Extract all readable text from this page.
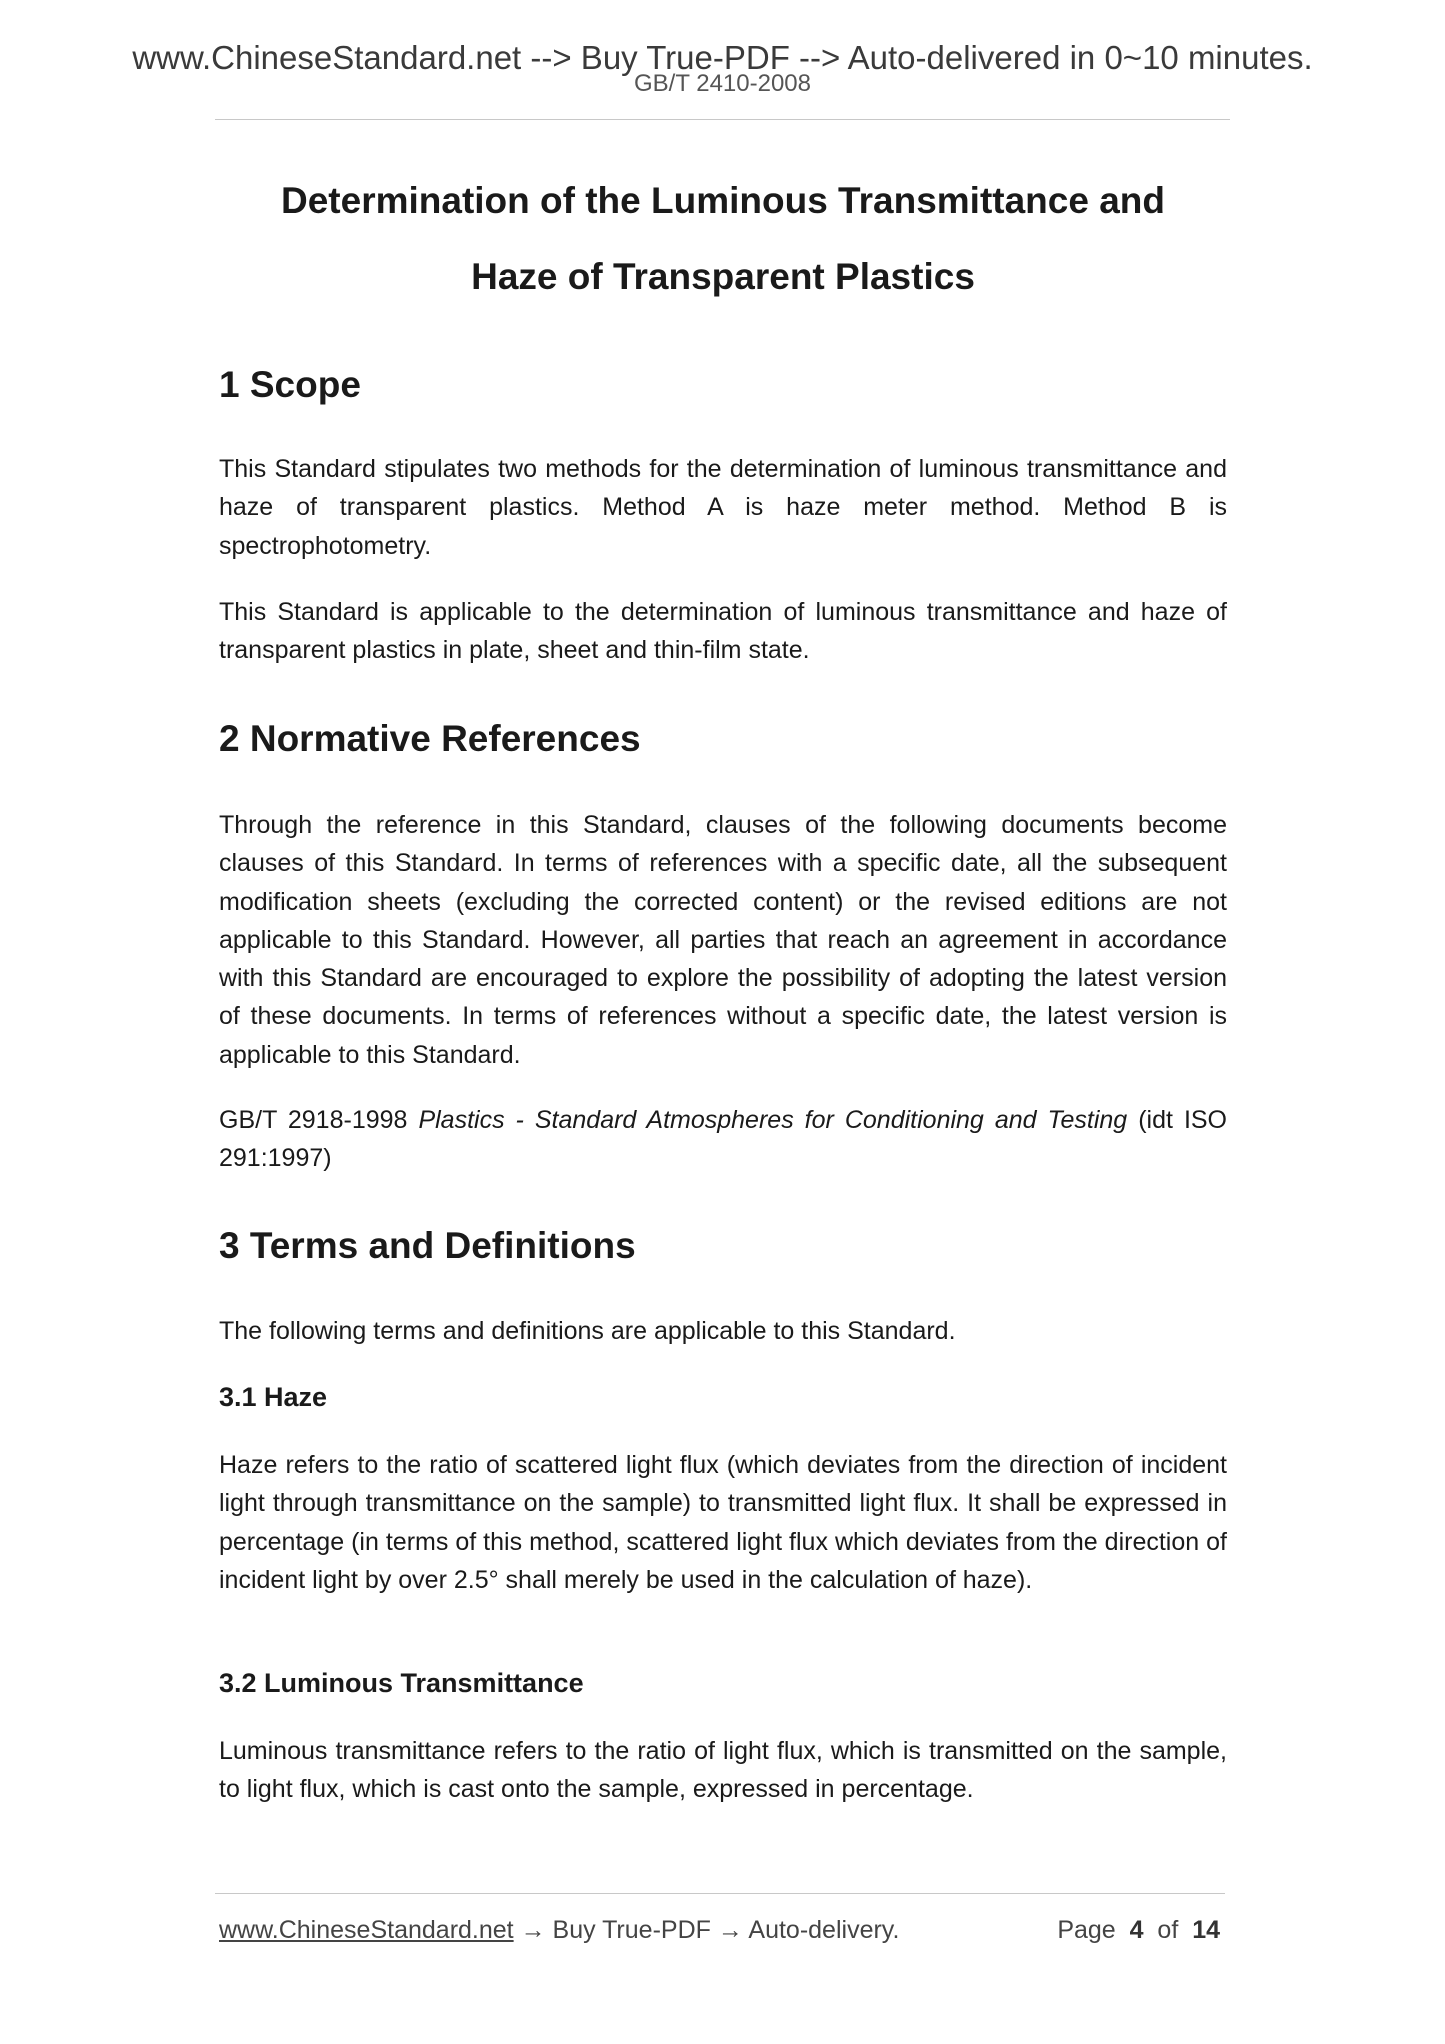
www.ChineseStandard.net --> Buy True-PDF --> Auto-delivered in 0~10 minutes.
GB/T 2410-2008
Determination of the Luminous Transmittance and
Haze of Transparent Plastics
1 Scope
This Standard stipulates two methods for the determination of luminous transmittance and haze of transparent plastics. Method A is haze meter method. Method B is spectrophotometry.
This Standard is applicable to the determination of luminous transmittance and haze of transparent plastics in plate, sheet and thin-film state.
2 Normative References
Through the reference in this Standard, clauses of the following documents become clauses of this Standard. In terms of references with a specific date, all the subsequent modification sheets (excluding the corrected content) or the revised editions are not applicable to this Standard. However, all parties that reach an agreement in accordance with this Standard are encouraged to explore the possibility of adopting the latest version of these documents. In terms of references without a specific date, the latest version is applicable to this Standard.
GB/T 2918-1998 Plastics - Standard Atmospheres for Conditioning and Testing (idt ISO 291:1997)
3 Terms and Definitions
The following terms and definitions are applicable to this Standard.
3.1 Haze
Haze refers to the ratio of scattered light flux (which deviates from the direction of incident light through transmittance on the sample) to transmitted light flux. It shall be expressed in percentage (in terms of this method, scattered light flux which deviates from the direction of incident light by over 2.5° shall merely be used in the calculation of haze).
3.2 Luminous Transmittance
Luminous transmittance refers to the ratio of light flux, which is transmitted on the sample, to light flux, which is cast onto the sample, expressed in percentage.
www.ChineseStandard.net → Buy True-PDF → Auto-delivery.	Page 4 of 14
